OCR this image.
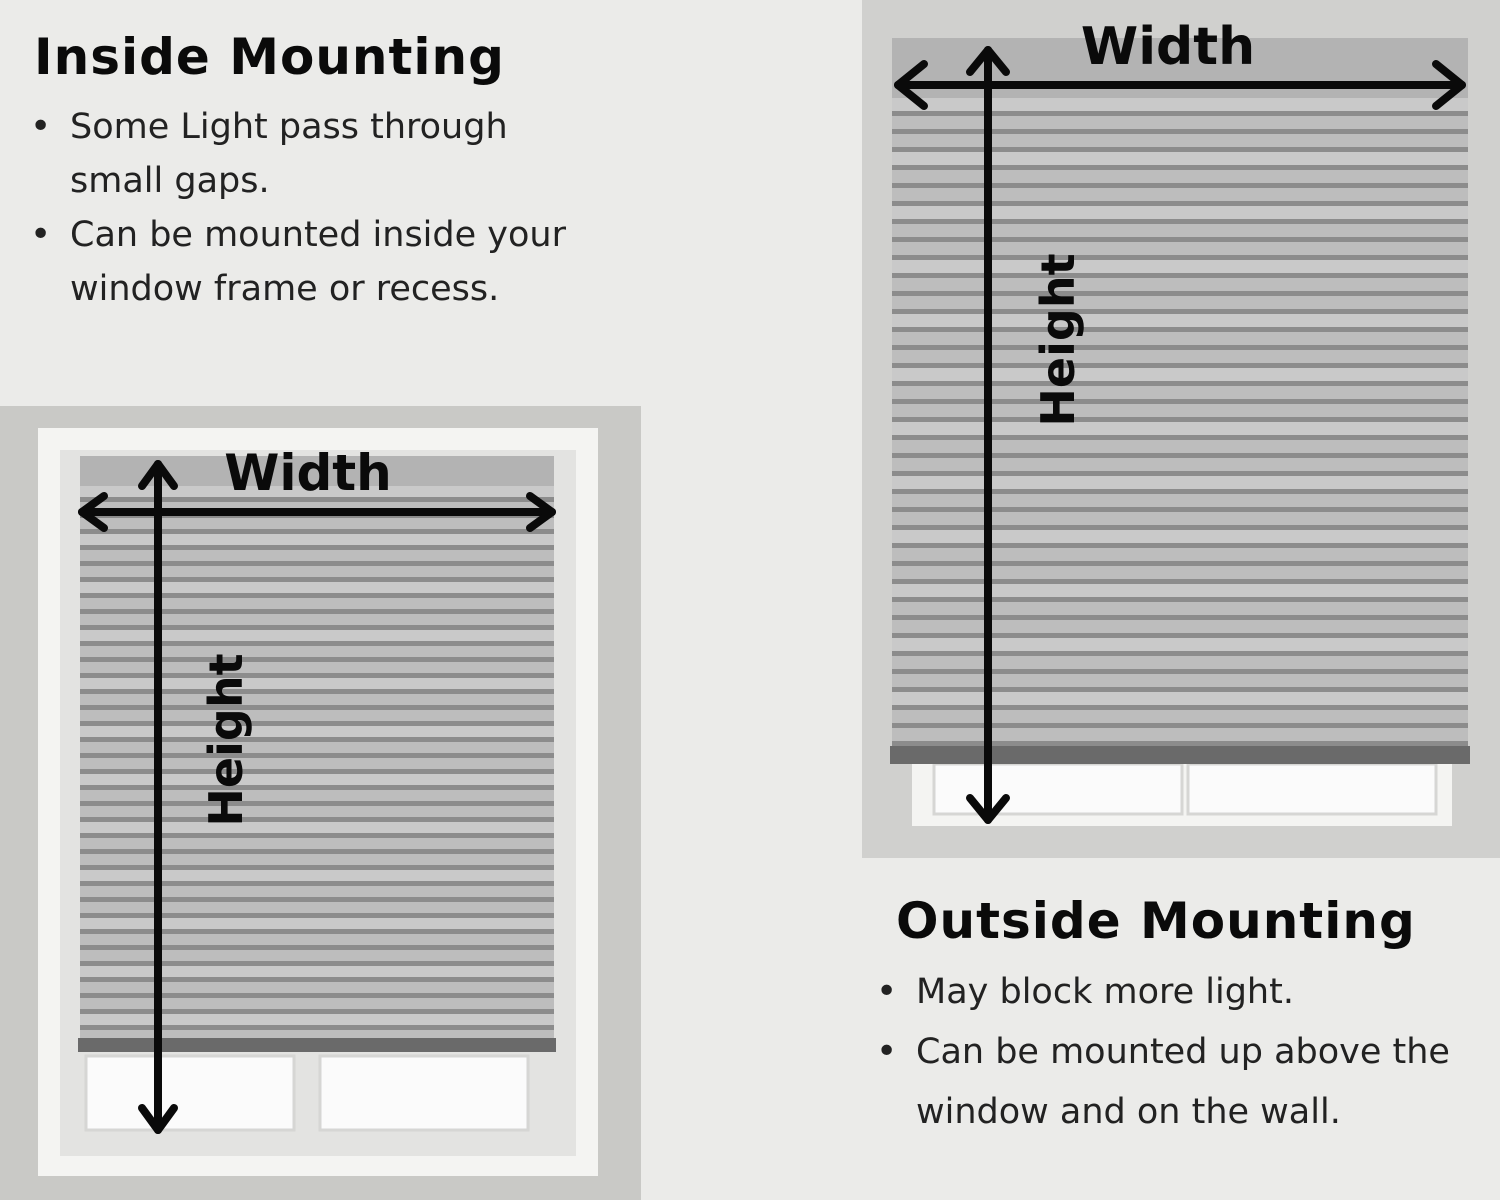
Inside Mounting
• Some Light pass through
small gaps.
• Can be mounted inside your
window frame or recess.
Width
Height
Width
Height
Outside Mounting
• May block more light.
• Can be mounted up above the
window and on the wall.
